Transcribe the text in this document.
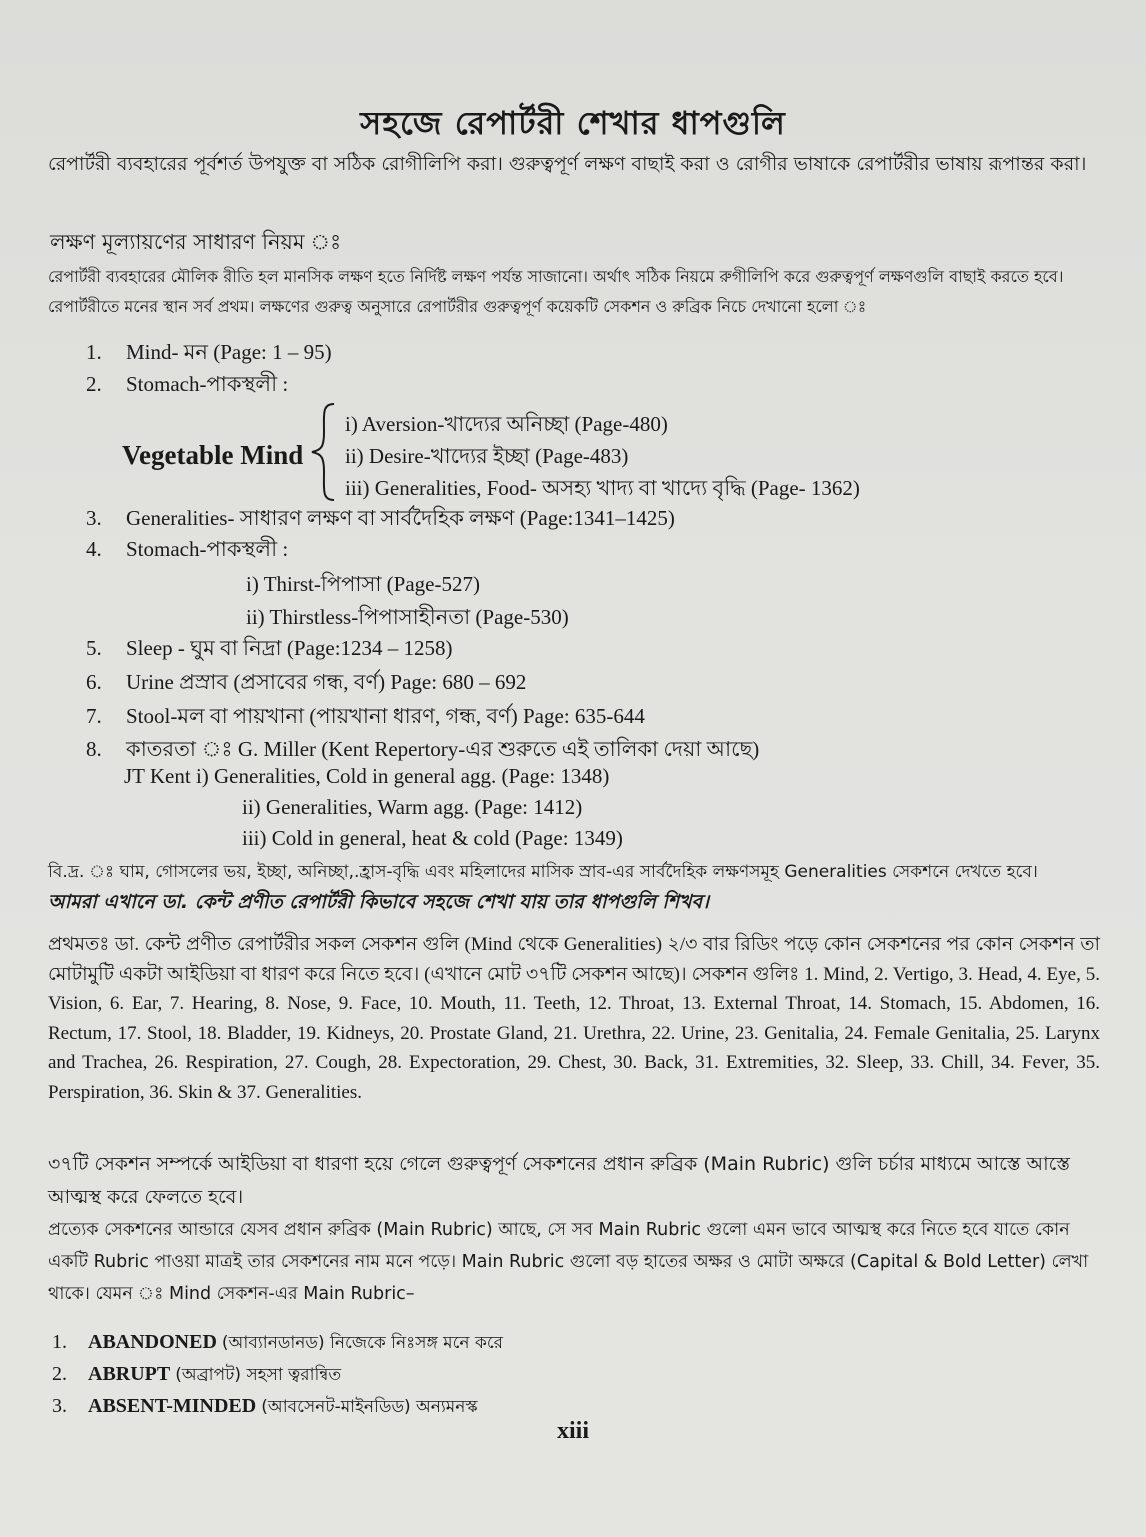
সহজে রেপার্টরী শেখার ধাপগুলি
রেপার্টরী ব্যবহারের পূর্বশর্ত উপযুক্ত বা সঠিক রোগীলিপি করা। গুরুত্বপূর্ণ লক্ষণ বাছাই করা ও রোগীর ভাষাকে রেপার্টরীর ভাষায় রূপান্তর করা।
লক্ষণ মূল্যায়ণের সাধারণ নিয়ম ঃ
রেপার্টরী ব্যবহারের মৌলিক রীতি হল মানসিক লক্ষণ হতে নির্দিষ্ট লক্ষণ পর্যন্ত সাজানো। অর্থাৎ সঠিক নিয়মে রুগীলিপি করে গুরুত্বপূর্ণ লক্ষণগুলি বাছাই করতে হবে। রেপার্টরীতে মনের স্থান সর্ব প্রথম। লক্ষণের গুরুত্ব অনুসারে রেপার্টরীর গুরুত্বপূর্ণ কয়েকটি সেকশন ও রুব্রিক নিচে দেখানো হলো ঃ
1. Mind- মন (Page: 1 – 95)
2. Stomach-পাকস্থলী :
Vegetable Mind
i) Aversion-খাদ্যের অনিচ্ছা (Page-480)
ii) Desire-খাদ্যের ইচ্ছা (Page-483)
iii) Generalities, Food- অসহ্য খাদ্য বা খাদ্যে বৃদ্ধি (Page- 1362)
3. Generalities- সাধারণ লক্ষণ বা সার্বদৈহিক লক্ষণ (Page:1341–1425)
4. Stomach-পাকস্থলী :
i) Thirst-পিপাসা (Page-527)
ii) Thirstless-পিপাসাহীনতা (Page-530)
5. Sleep - ঘুম বা নিদ্রা (Page:1234 – 1258)
6. Urine প্রস্রাব (প্রসাবের গন্ধ, বর্ণ) Page: 680 – 692
7. Stool-মল বা পায়খানা (পায়খানা ধারণ, গন্ধ, বর্ণ) Page: 635-644
8. কাতরতা ঃ G. Miller (Kent Repertory-এর শুরুতে এই তালিকা দেয়া আছে)
JT Kent i) Generalities, Cold in general agg. (Page: 1348)
ii) Generalities, Warm agg. (Page: 1412)
iii) Cold in general, heat & cold (Page: 1349)
বি.দ্র. ঃ ঘাম, গোসলের ভয়, ইচ্ছা, অনিচ্ছা,.হ্রাস-বৃদ্ধি এবং মহিলাদের মাসিক স্রাব-এর সার্বদৈহিক লক্ষণসমূহ Generalities সেকশনে দেখতে হবে।
আমরা এখানে ডা. কেন্ট প্রণীত রেপার্টরী কিভাবে সহজে শেখা যায় তার ধাপগুলি শিখব।
প্রথমতঃ ডা. কেন্ট প্রণীত রেপার্টরীর সকল সেকশন গুলি (Mind থেকে Generalities) ২/৩ বার রিডিং পড়ে কোন সেকশনের পর কোন সেকশন তা মোটামুটি একটা আইডিয়া বা ধারণ করে নিতে হবে। (এখানে মোট ৩৭টি সেকশন আছে)। সেকশন গুলিঃ 1. Mind, 2. Vertigo, 3. Head, 4. Eye, 5. Vision, 6. Ear, 7. Hearing, 8. Nose, 9. Face, 10. Mouth, 11. Teeth, 12. Throat, 13. External Throat, 14. Stomach, 15. Abdomen, 16. Rectum, 17. Stool, 18. Bladder, 19. Kidneys, 20. Prostate Gland, 21. Urethra, 22. Urine, 23. Genitalia, 24. Female Genitalia, 25. Larynx and Trachea, 26. Respiration, 27. Cough, 28. Expectoration, 29. Chest, 30. Back, 31. Extremities, 32. Sleep, 33. Chill, 34. Fever, 35. Perspiration, 36. Skin & 37. Generalities.
৩৭টি সেকশন সম্পর্কে আইডিয়া বা ধারণা হয়ে গেলে গুরুত্বপূর্ণ সেকশনের প্রধান রুব্রিক (Main Rubric) গুলি চর্চার মাধ্যমে আস্তে আস্তে আত্মস্থ করে ফেলতে হবে।
প্রত্যেক সেকশনের আন্ডারে যেসব প্রধান রুব্রিক (Main Rubric) আছে, সে সব Main Rubric গুলো এমন ভাবে আত্মস্থ করে নিতে হবে যাতে কোন একটি Rubric পাওয়া মাত্রই তার সেকশনের নাম মনে পড়ে। Main Rubric গুলো বড় হাতের অক্ষর ও মোটা অক্ষরে (Capital & Bold Letter) লেখা থাকে। যেমন ঃ Mind সেকশন-এর Main Rubric–
1. ABANDONED (আব্যানডানড) নিজেকে নিঃসঙ্গ মনে করে
2. ABRUPT (অব্রাপট) সহসা ত্বরান্বিত
3. ABSENT-MINDED (আবসেনট-মাইনডিড) অন্যমনস্ক
xiii
